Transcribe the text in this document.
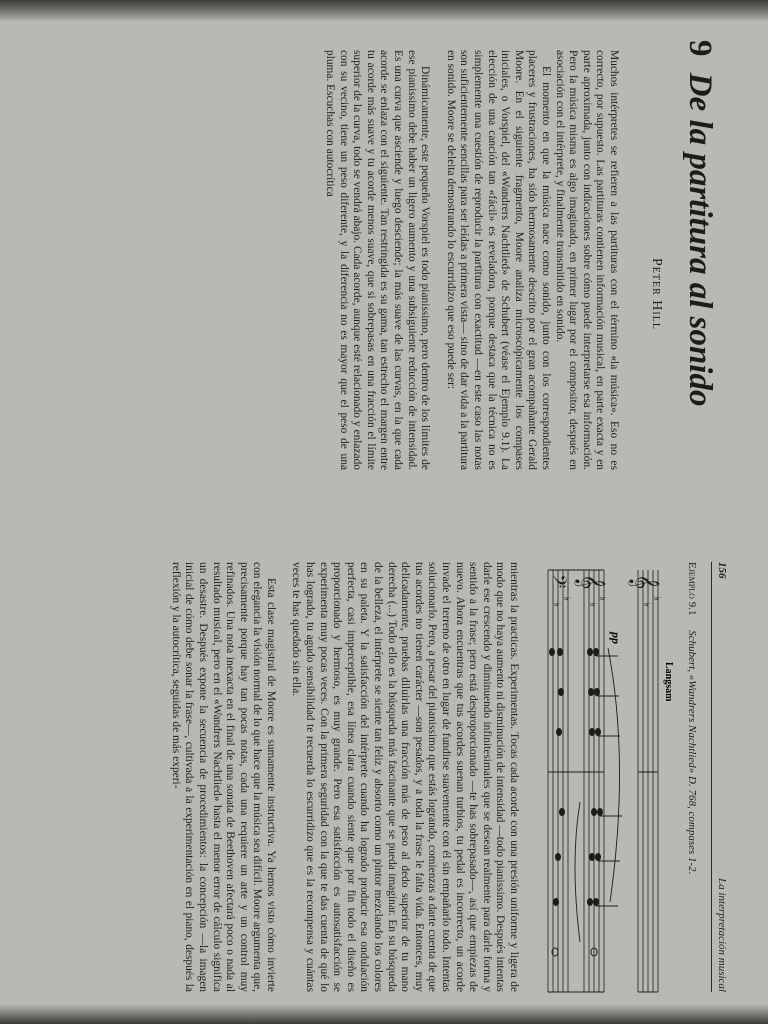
9 De la partitura al sonido
Peter Hill

Muchos intérpretes se refieren a las partituras con el término «la música». Eso no es correcto, por supuesto. Las partituras contienen información musical, en parte exacta y en parte aproximada, junto con indicaciones sobre cómo puede interpretarse esa información. Pero la música misma es algo imaginado, en primer lugar por el compositor, después en asociación con el intérprete, y finalmente transmitido en sonido.

El momento en que la música nace como sonido, junto con los correspondientes placeres y frustraciones, ha sido hermosamente descrito por el gran acompañante Gerald Moore. En el siguiente fragmento, Moore analiza microscópicamente los compases iniciales, o Vorspiel, del «Wandrers Nachtlied» de Schubert (véase el Ejemplo 9.1). La elección de una canción tan «fácil» es reveladora, porque destaca que la técnica no es simplemente una cuestión de reproducir la partitura con exactitud —en este caso las notas son suficientemente sencillas para ser leídas a primera vista— sino de dar vida a la partitura en sonido. Moore se deleita demostrando lo escurridizo que eso puede ser:

Dinámicamente, este pequeño Vorspiel es todo pianissimo, pero dentro de los límites de ese pianissimo debe haber un ligero aumento y una subsiguiente reducción de intensidad. Es una curva que asciende y luego desciende; la más suave de las curvas, en la que cada acorde se enlaza con el siguiente. Tan restringida es su gama, tan estrecho el margen entre tu acorde más suave y tu acorde menos suave, que si sobrepasas en una fracción el límite superior de la curva, todo se vendrá abajo. Cada acorde, aunque esté relacionado y enlazado con su vecino, tiene un peso diferente, y la diferencia no es mayor que el peso de una pluma. Escuchas con autocrítica

156
La interpretación musical
Ejemplo 9.1 Schubert, «Wandrers Nachtlied» D. 768, compases 1-2.
Langsam
pp
𝄞
𝄞
𝄢
♭
♭
♭
♭
♭
♭

mientras la practicas. Experimentas. Tocas cada acorde con una presión uniforme y ligera de modo que no haya aumento ni disminución de intensidad —todo pianissimo. Después intentas darle ese crescendo y diminuendo infinitesimales que se desean realmente para darle forma y sentido a la frase; pero está desproporcionado —te has sobrepasado—, así que empiezas de nuevo. Ahora encuentras que tus acordes suenan turbios, tu pedal es incorrecto, un acorde invade el terreno de otro en lugar de fundirse suavemente con él sin empañarlo todo. Intentas solucionarlo. Pero, a pesar del pianissimo que estás logrando, comienzas a darte cuenta de que tus acordes no tienen carácter —son pesados, y a toda la frase le falta vida. Entonces, muy delicadamente, pruebas diluirlas una fracción más de peso al dedo superior de tu mano derecha (...) Todo ello es la búsqueda más fascinante que se pueda imaginar. En su búsqueda de la belleza, el intérprete se siente tan feliz y absorto como un pintor mezclando los colores en su paleta. Y la satisfacción del intérprete cuando ha logrado producir esa ondulación perfecta, casi imperceptible, esa línea clara cuando siente que por fin todo el diseño es proporcionado y hermoso, es muy grande. Pero esa satisfacción es autosatisfacción se experimenta muy pocas veces. Con la primera seguridad con la que te das cuenta de qué lo has logrado, tu agudo sensibilidad te recuerda lo escurridizo que es la recompensa y cuántas veces te has quedado sin ella.

Esta clase magistral de Moore es sumamente instructiva. Ya hemos visto cómo invierte con elegancia la visión normal de lo que hace que la música sea difícil. Moore argumenta que, precisamente porque hay tan pocas notas, cada una requiere un arte y un control muy refinados. Una nota inexacta en el final de una sonata de Beethoven afectará poco o nada al resultado musical, pero en el «Wandrers Nachtlied» hasta el menor error de cálculo significa un desastre. Después expone la secuencia de procedimientos: la concepción —la imagen inicial de cómo debe sonar la frase—, cultivada a la experimentación en el piano, después la reflexión y la autocrítica, seguidas de más experi-
